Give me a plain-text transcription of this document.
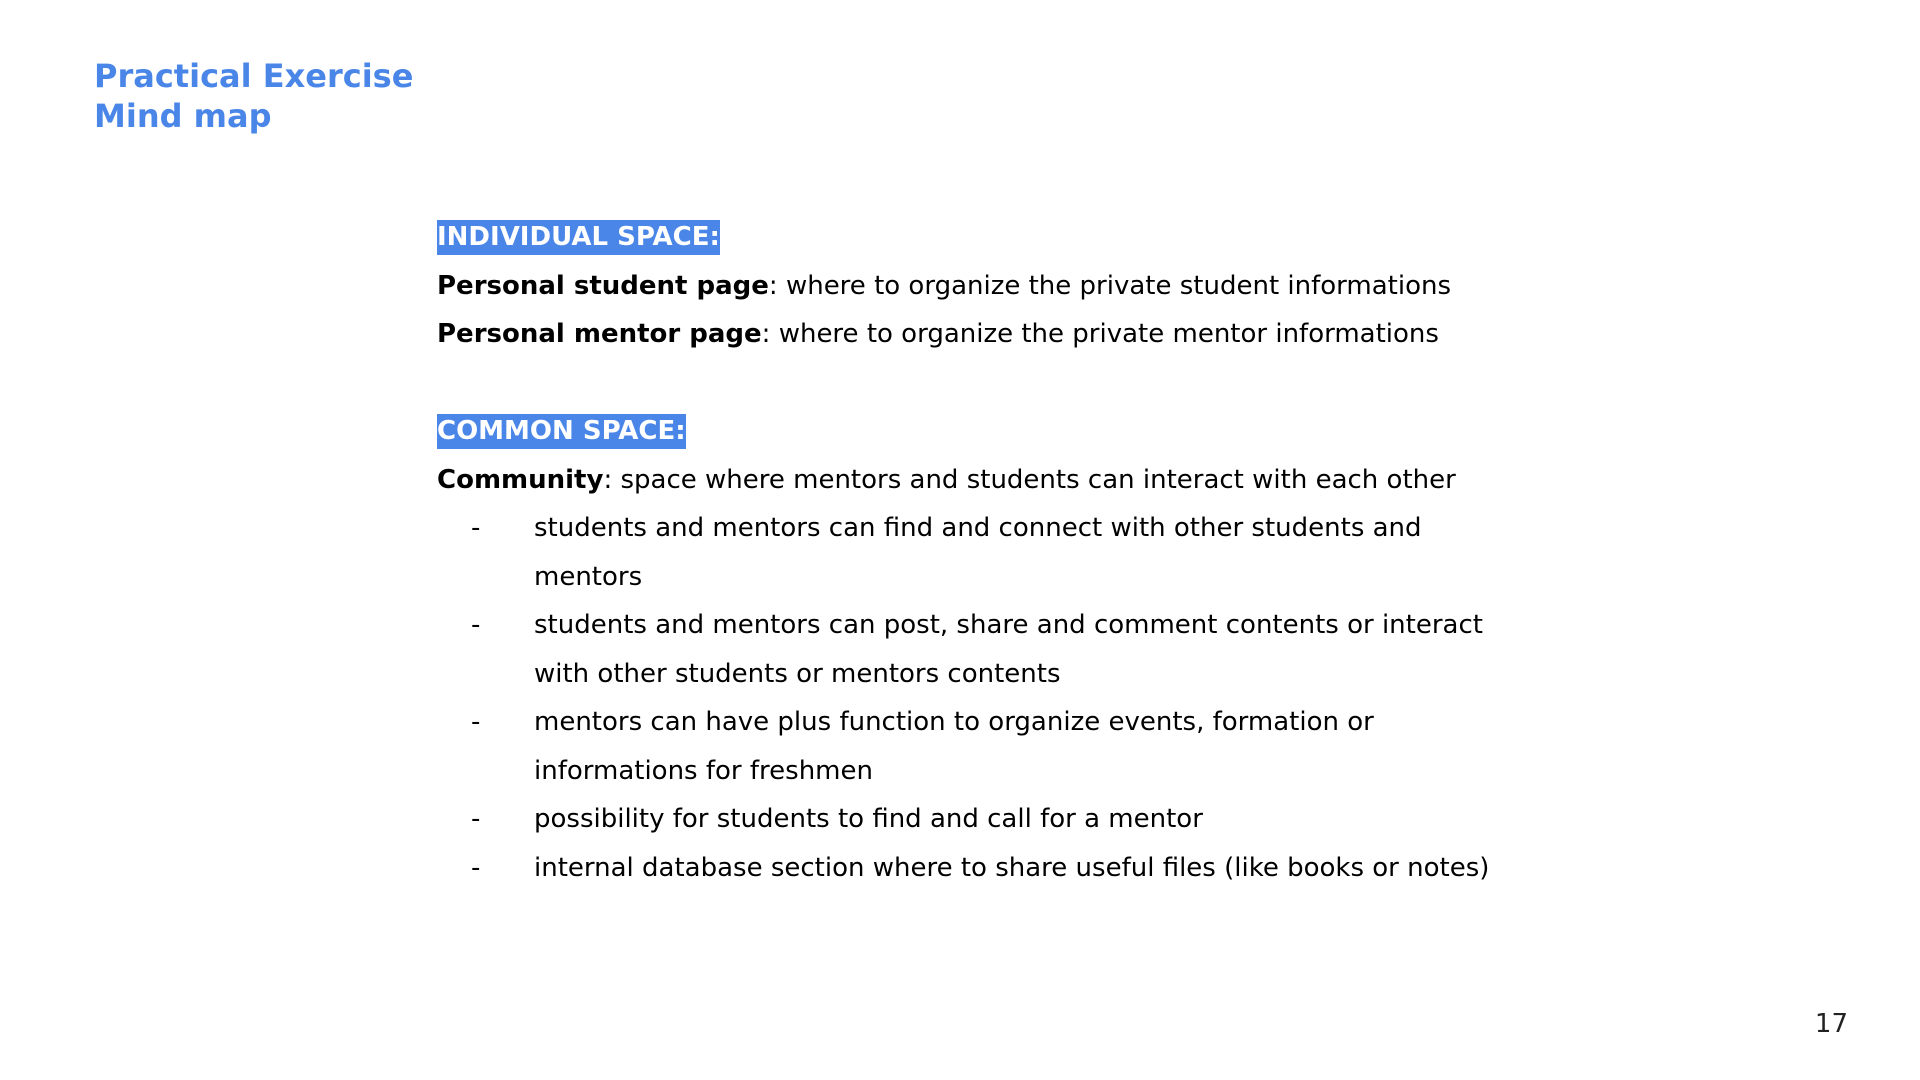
Practical Exercise
Mind map

INDIVIDUAL SPACE:

Personal student page: where to organize the private student informations

Personal mentor page: where to organize the private mentor informations

COMMON SPACE:

Community: space where mentors and students can interact with each other

- students and mentors can find and connect with other students and mentors
- students and mentors can post, share and comment contents or interact with other students or mentors contents
- mentors can have plus function to organize events, formation or informations for freshmen
- possibility for students to find and call for a mentor
- internal database section where to share useful files (like books or notes)
17
